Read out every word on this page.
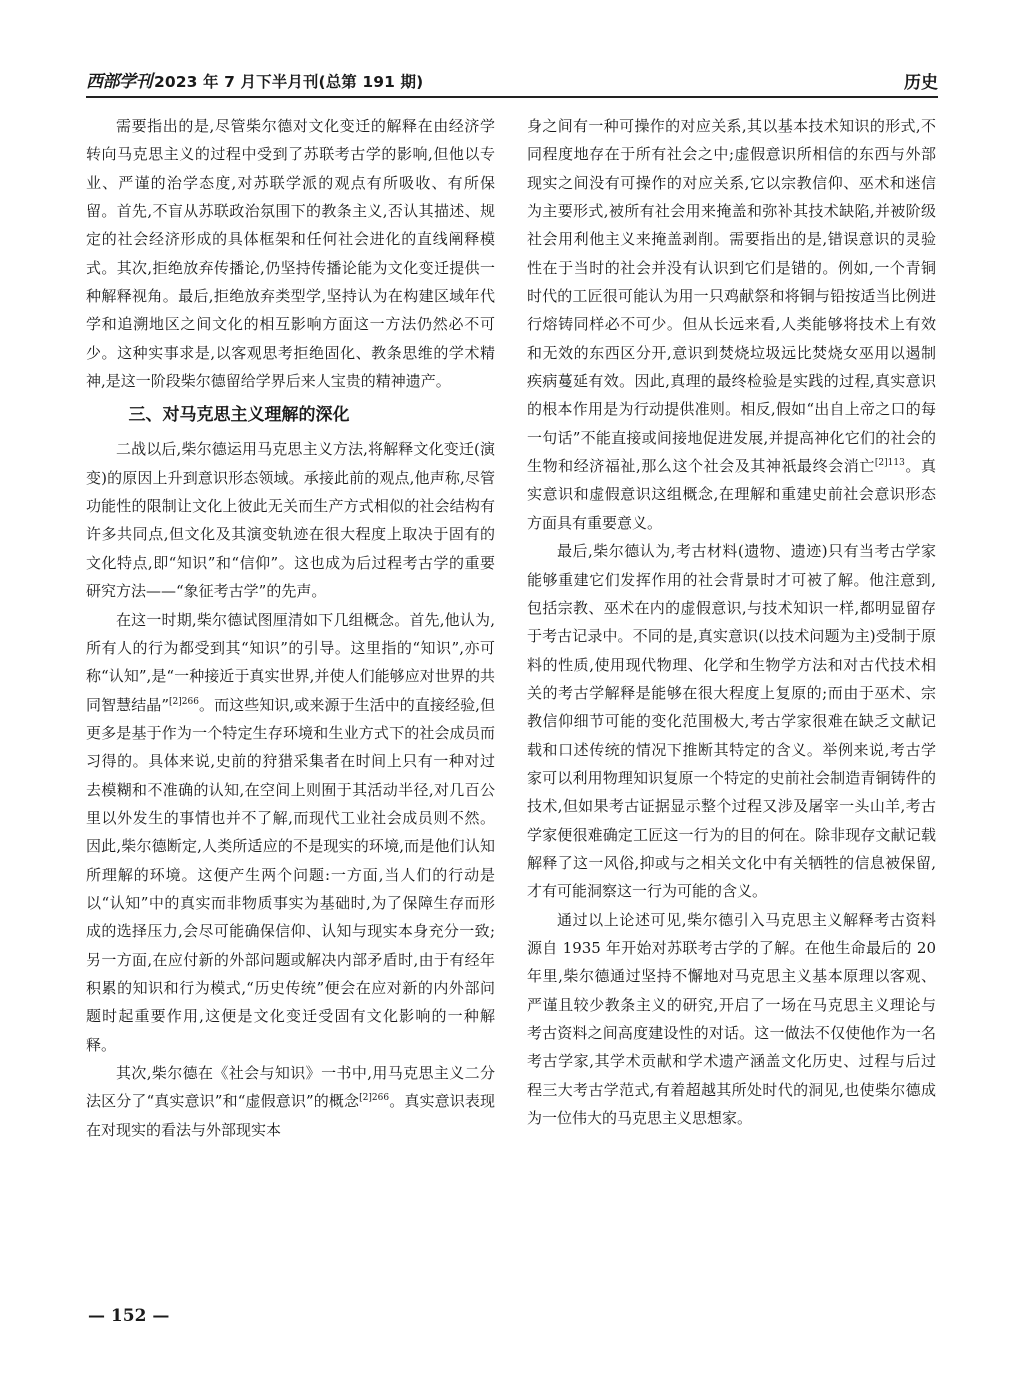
西部学刊 2023 年 7 月下半月刊(总第 191 期)	历史

需要指出的是,尽管柴尔德对文化变迁的解释在由经济学转向马克思主义的过程中受到了苏联考古学的影响,但他以专业、严谨的治学态度,对苏联学派的观点有所吸收、有所保留。首先,不盲从苏联政治氛围下的教条主义,否认其描述、规定的社会经济形成的具体框架和任何社会进化的直线阐释模式。其次,拒绝放弃传播论,仍坚持传播论能为文化变迁提供一种解释视角。最后,拒绝放弃类型学,坚持认为在构建区域年代学和追溯地区之间文化的相互影响方面这一方法仍然必不可少。这种实事求是,以客观思考拒绝固化、教条思维的学术精神,是这一阶段柴尔德留给学界后来人宝贵的精神遗产。

三、对马克思主义理解的深化

二战以后,柴尔德运用马克思主义方法,将解释文化变迁(演变)的原因上升到意识形态领域。承接此前的观点,他声称,尽管功能性的限制让文化上彼此无关而生产方式相似的社会结构有许多共同点,但文化及其演变轨迹在很大程度上取决于固有的文化特点,即“知识”和“信仰”。这也成为后过程考古学的重要研究方法——“象征考古学”的先声。

在这一时期,柴尔德试图厘清如下几组概念。首先,他认为,所有人的行为都受到其“知识”的引导。这里指的“知识”,亦可称“认知”,是“一种接近于真实世界,并使人们能够应对世界的共同智慧结晶”$^{[2]266}$。而这些知识,或来源于生活中的直接经验,但更多是基于作为一个特定生存环境和生业方式下的社会成员而习得的。具体来说,史前的狩猎采集者在时间上只有一种对过去模糊和不准确的认知,在空间上则囿于其活动半径,对几百公里以外发生的事情也并不了解,而现代工业社会成员则不然。因此,柴尔德断定,人类所适应的不是现实的环境,而是他们认知所理解的环境。这便产生两个问题:一方面,当人们的行动是以“认知”中的真实而非物质事实为基础时,为了保障生存而形成的选择压力,会尽可能确保信仰、认知与现实本身充分一致;另一方面,在应付新的外部问题或解决内部矛盾时,由于有经年积累的知识和行为模式,“历史传统”便会在应对新的内外部问题时起重要作用,这便是文化变迁受固有文化影响的一种解释。

其次,柴尔德在《社会与知识》一书中,用马克思主义二分法区分了“真实意识”和“虚假意识”的概念$^{[2]266}$。真实意识表现在对现实的看法与外部现实本

身之间有一种可操作的对应关系,其以基本技术知识的形式,不同程度地存在于所有社会之中;虚假意识所相信的东西与外部现实之间没有可操作的对应关系,它以宗教信仰、巫术和迷信为主要形式,被所有社会用来掩盖和弥补其技术缺陷,并被阶级社会用利他主义来掩盖剥削。需要指出的是,错误意识的灵验性在于当时的社会并没有认识到它们是错的。例如,一个青铜时代的工匠很可能认为用一只鸡献祭和将铜与铅按适当比例进行熔铸同样必不可少。但从长远来看,人类能够将技术上有效和无效的东西区分开,意识到焚烧垃圾远比焚烧女巫用以遏制疾病蔓延有效。因此,真理的最终检验是实践的过程,真实意识的根本作用是为行动提供准则。相反,假如“出自上帝之口的每一句话”不能直接或间接地促进发展,并提高神化它们的社会的生物和经济福祉,那么这个社会及其神祇最终会消亡$^{[2]113}$。真实意识和虚假意识这组概念,在理解和重建史前社会意识形态方面具有重要意义。

最后,柴尔德认为,考古材料(遗物、遗迹)只有当考古学家能够重建它们发挥作用的社会背景时才可被了解。他注意到,包括宗教、巫术在内的虚假意识,与技术知识一样,都明显留存于考古记录中。不同的是,真实意识(以技术问题为主)受制于原料的性质,使用现代物理、化学和生物学方法和对古代技术相关的考古学解释是能够在很大程度上复原的;而由于巫术、宗教信仰细节可能的变化范围极大,考古学家很难在缺乏文献记载和口述传统的情况下推断其特定的含义。举例来说,考古学家可以利用物理知识复原一个特定的史前社会制造青铜铸件的技术,但如果考古证据显示整个过程又涉及屠宰一头山羊,考古学家便很难确定工匠这一行为的目的何在。除非现存文献记载解释了这一风俗,抑或与之相关文化中有关牺牲的信息被保留,才有可能洞察这一行为可能的含义。

通过以上论述可见,柴尔德引入马克思主义解释考古资料源自 1935 年开始对苏联考古学的了解。在他生命最后的 20 年里,柴尔德通过坚持不懈地对马克思主义基本原理以客观、严谨且较少教条主义的研究,开启了一场在马克思主义理论与考古资料之间高度建设性的对话。这一做法不仅使他作为一名考古学家,其学术贡献和学术遗产涵盖文化历史、过程与后过程三大考古学范式,有着超越其所处时代的洞见,也使柴尔德成为一位伟大的马克思主义思想家。

— 152 —
